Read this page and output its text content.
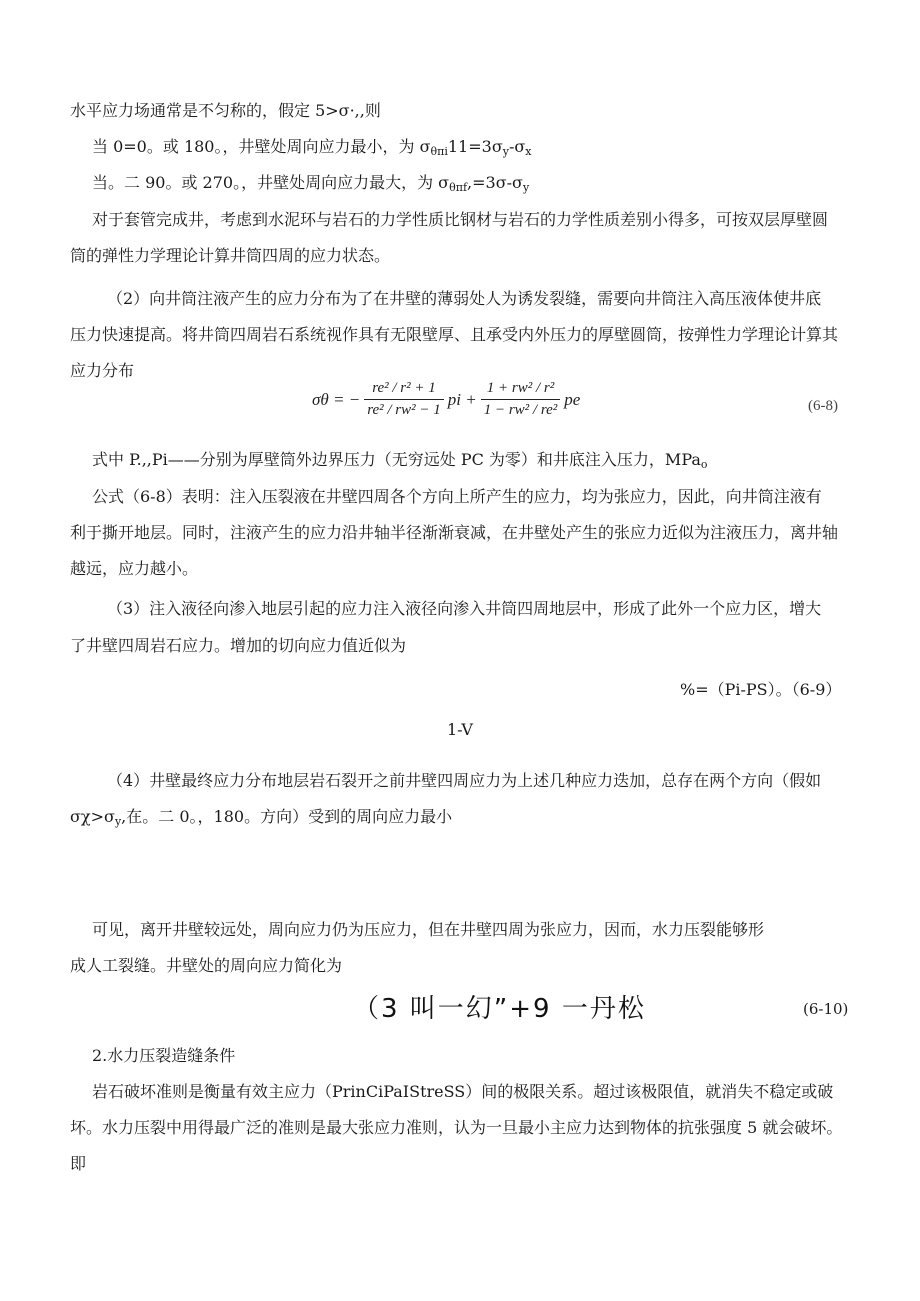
水平应力场通常是不匀称的，假定 5>σ·,,则
当 0=0。或 180。，井壁处周向应力最小，为 $\sigma_{\theta\pi i}11=3\sigma_y-\sigma_x$
当。二 90。或 270。，井壁处周向应力最大，为 $\sigma_{\theta\pi f},=3\sigma-\sigma_y$
对于套管完成井，考虑到水泥环与岩石的力学性质比钢材与岩石的力学性质差别小得多，可按双层厚壁圆
筒的弹性力学理论计算井筒四周的应力状态。
（2）向井筒注液产生的应力分布为了在井壁的薄弱处人为诱发裂缝，需要向井筒注入高压液体使井底
压力快速提高。将井筒四周岩石系统视作具有无限壁厚、且承受内外压力的厚壁圆筒，按弹性力学理论计算其
应力分布
σθ = − $\frac{\text{re² / r² + 1}}{\text{re² / rw² − 1}}$ pi + $\frac{\text{1 + rw² / r²}}{\text{1 − rw² / re²}}$ pe	(6-8)
式中 P.,,Pi——分别为厚壁筒外边界压力（无穷远处 PC 为零）和井底注入压力，MPa$_o$
公式（6-8）表明：注入压裂液在井壁四周各个方向上所产生的应力，均为张应力，因此，向井筒注液有
利于撕开地层。同时，注液产生的应力沿井轴半径渐渐衰减，在井壁处产生的张应力近似为注液压力，离井轴
越远，应力越小。
（3）注入液径向渗入地层引起的应力注入液径向渗入井筒四周地层中，形成了此外一个应力区，增大
了井壁四周岩石应力。增加的切向应力值近似为
%=（Pi-PS）。（6-9）
1-V
（4）井壁最终应力分布地层岩石裂开之前井壁四周应力为上述几种应力迭加，总存在两个方向（假如
$\sigma\chi>\sigma_y$,在。二 0。，180。方向）受到的周向应力最小
可见，离开井壁较远处，周向应力仍为压应力，但在井壁四周为张应力，因而，水力压裂能够形
成人工裂缝。井壁处的周向应力简化为
（3 叫一幻”+9 一丹松	(6-10)
2.水力压裂造缝条件
岩石破坏准则是衡量有效主应力（PrinCiPaIStreSS）间的极限关系。超过该极限值，就消失不稳定或破
坏。水力压裂中用得最广泛的准则是最大张应力准则，认为一旦最小主应力达到物体的抗张强度 5 就会破坏。
即
